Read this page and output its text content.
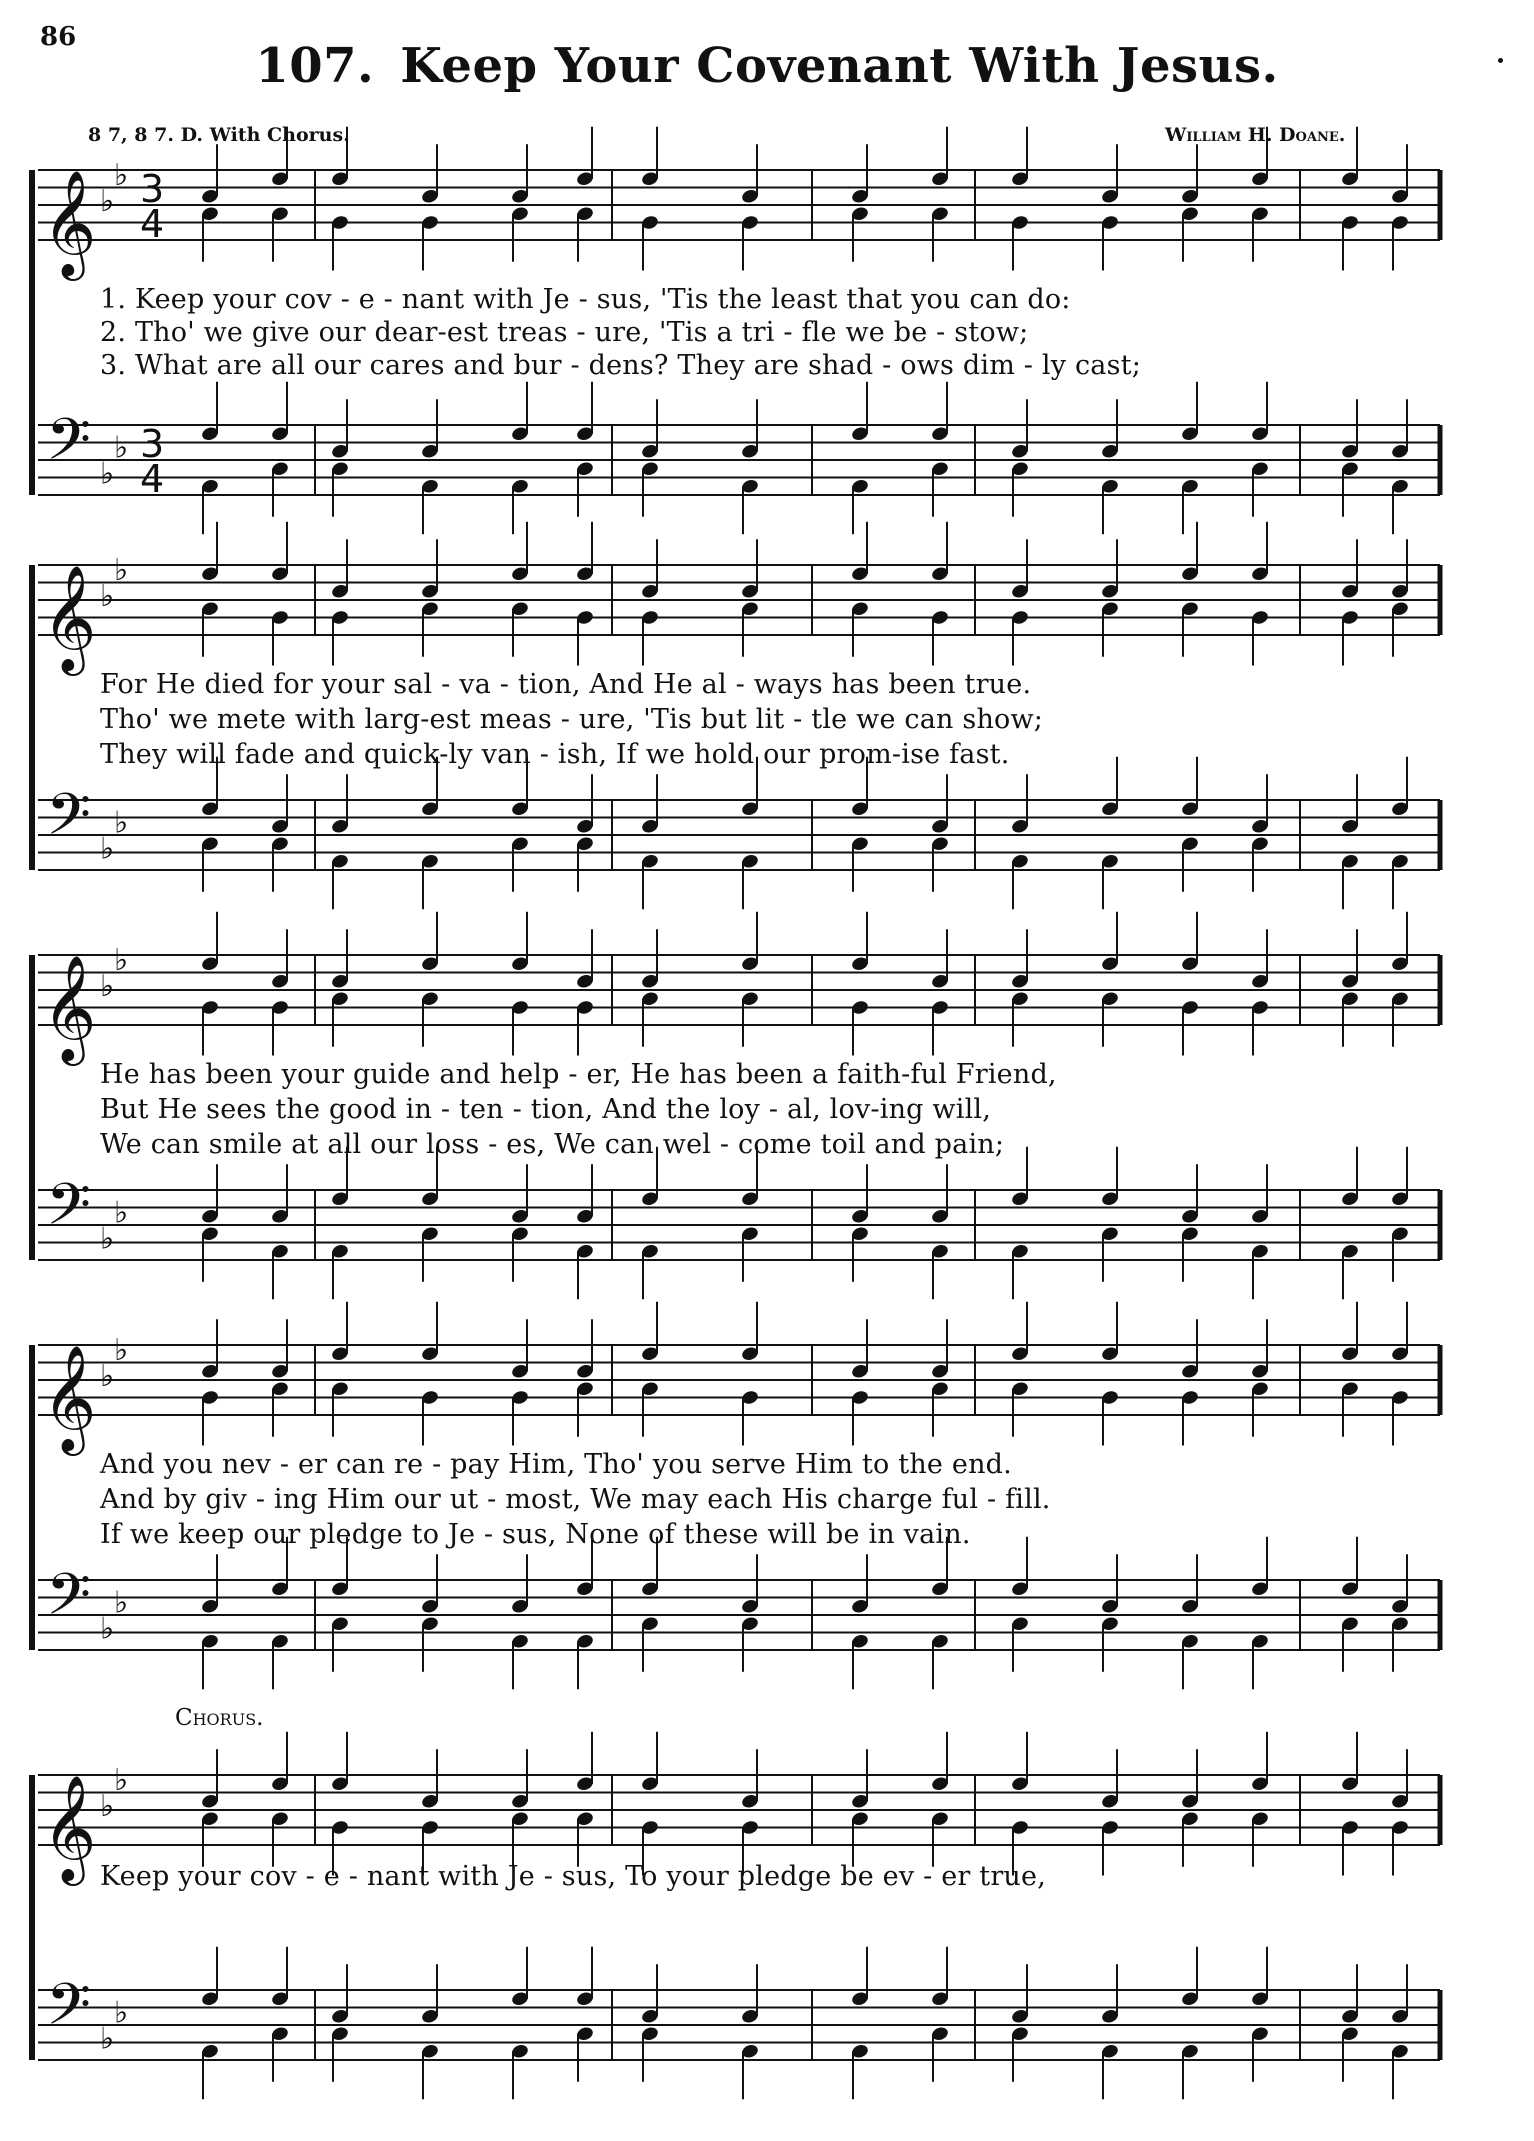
86
107. Keep Your Covenant With Jesus.
8 7, 8 7. D. With Chorus.	William H. Doane.
𝄞
𝄢
♭
♭
♭
♭
3
4
3
4
𝄞
𝄢
♭
♭
♭
♭
𝄞
𝄢
♭
♭
♭
♭
𝄞
𝄢
♭
♭
♭
♭
𝄞
𝄢
♭
♭
♭
♭
Chorus.
1. Keep your cov - e - nant with Je - sus, 'Tis the least that you can do:
2. Tho' we give our dear-est treas - ure, 'Tis a tri - fle we be - stow;
3. What are all our cares and bur - dens? They are shad - ows dim - ly cast;
For He died for your sal - va - tion, And He al - ways has been true.
Tho' we mete with larg-est meas - ure, 'Tis but lit - tle we can show;
They will fade and quick-ly van - ish, If we hold our prom-ise fast.
He has been your guide and help - er, He has been a faith-ful Friend,
But He sees the good in - ten - tion, And the loy - al, lov-ing will,
We can smile at all our loss - es, We can wel - come toil and pain;
And you nev - er can re - pay Him, Tho' you serve Him to the end.
And by giv - ing Him our ut - most, We may each His charge ful - fill.
If we keep our pledge to Je - sus, None of these will be in vain.
Keep your cov - e - nant with Je - sus, To your pledge be ev - er true,
